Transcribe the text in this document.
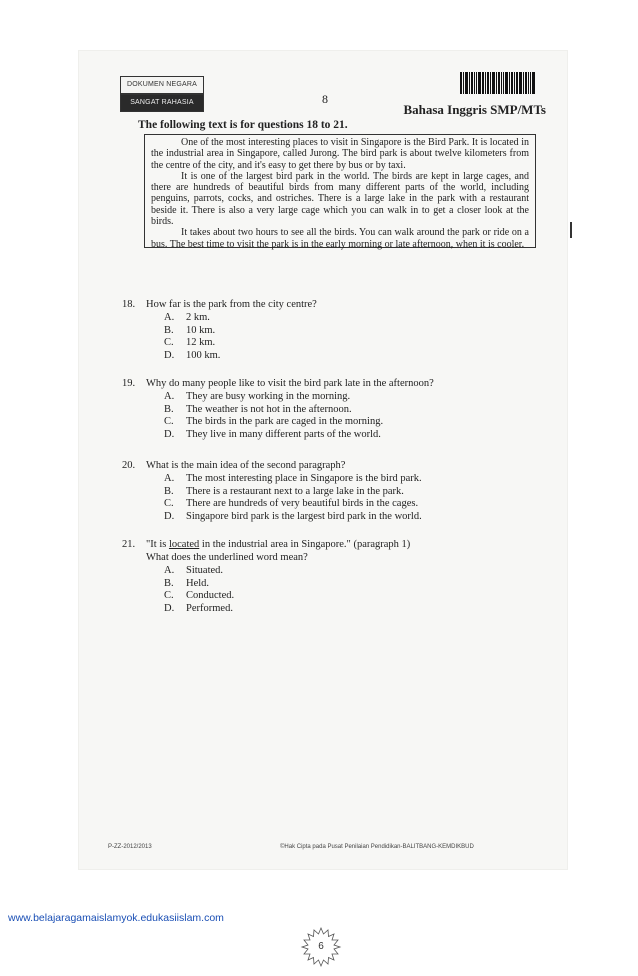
DOKUMEN NEGARA
SANGAT RAHASIA	8
Bahasa Inggris SMP/MTs
The following text is for questions 18 to 21.

One of the most interesting places to visit in Singapore is the Bird Park. It is located in the industrial area in Singapore, called Jurong. The bird park is about twelve kilometers from the centre of the city, and it's easy to get there by bus or by taxi.

It is one of the largest bird park in the world. The birds are kept in large cages, and there are hundreds of beautiful birds from many different parts of the world, including penguins, parrots, cocks, and ostriches. There is a large lake in the park with a restaurant beside it. There is also a very large cage which you can walk in to get a closer look at the birds.

It takes about two hours to see all the birds. You can walk around the park or ride on a bus. The best time to visit the park is in the early morning or late afternoon, when it is cooler.

18. How far is the park from the city centre?
A. 2 km.
B. 10 km.
C. 12 km.
D. 100 km.
19. Why do many people like to visit the bird park late in the afternoon?
A. They are busy working in the morning.
B. The weather is not hot in the afternoon.
C. The birds in the park are caged in the morning.
D. They live in many different parts of the world.
20. What is the main idea of the second paragraph?
A. The most interesting place in Singapore is the bird park.
B. There is a restaurant next to a large lake in the park.
C. There are hundreds of very beautiful birds in the cages.
D. Singapore bird park is the largest bird park in the world.
21. "It is located in the industrial area in Singapore." (paragraph 1)
What does the underlined word mean?
A. Situated.
B. Held.
C. Conducted.
D. Performed.
P-ZZ-2012/2013	©Hak Cipta pada Pusat Penilaian Pendidikan-BALITBANG-KEMDIKBUD
www.belajaragamaislamyok.edukasiislam.com
6
